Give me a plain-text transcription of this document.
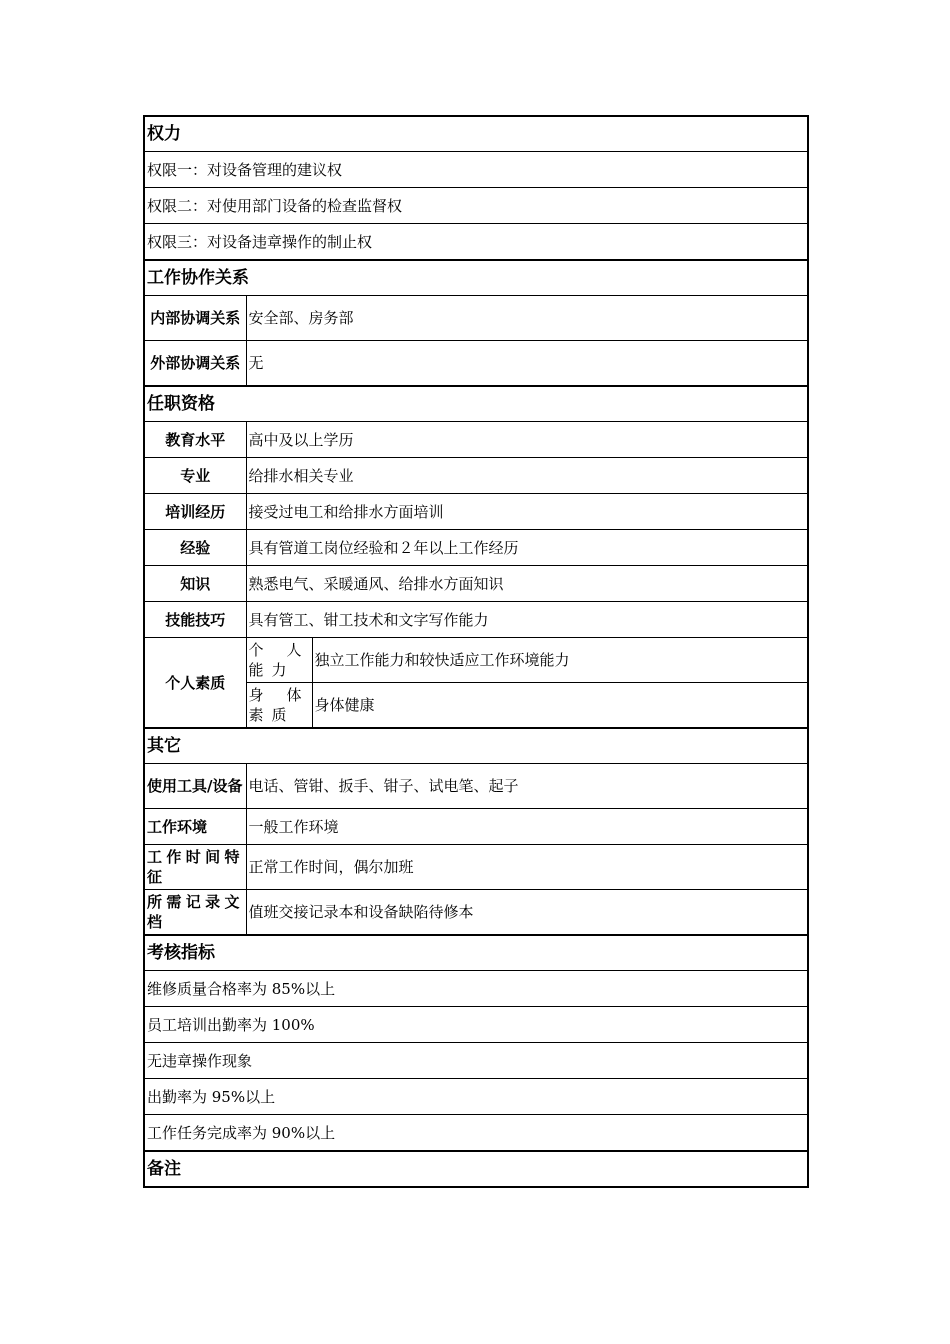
权力		
权限一：对设备管理的建议权		
权限二：对使用部门设备的检查监督权		
权限三：对设备违章操作的制止权		
工作协作关系		
内部协调关系	安全部、房务部	
外部协调关系	无	
任职资格		
教育水平	高中及以上学历	
专业	给排水相关专业	
培训经历	接受过电工和给排水方面培训	
经验	具有管道工岗位经验和２年以上工作经历	
知识	熟悉电气、采暖通风、给排水方面知识	
技能技巧	具有管工、钳工技术和文字写作能力	
个人素质	个人能力	独立工作能力和较快适应工作环境能力
	身体素质	身体健康
其它		
使用工具/设备	电话、管钳、扳手、钳子、试电笔、起子	
工作环境	一般工作环境	
工作时间特征	正常工作时间，偶尔加班	
所需记录文档	值班交接记录本和设备缺陷待修本	
考核指标		
维修质量合格率为 85%以上		
员工培训出勤率为 100%		
无违章操作现象		
出勤率为 95%以上		
工作任务完成率为 90%以上		
备注		
